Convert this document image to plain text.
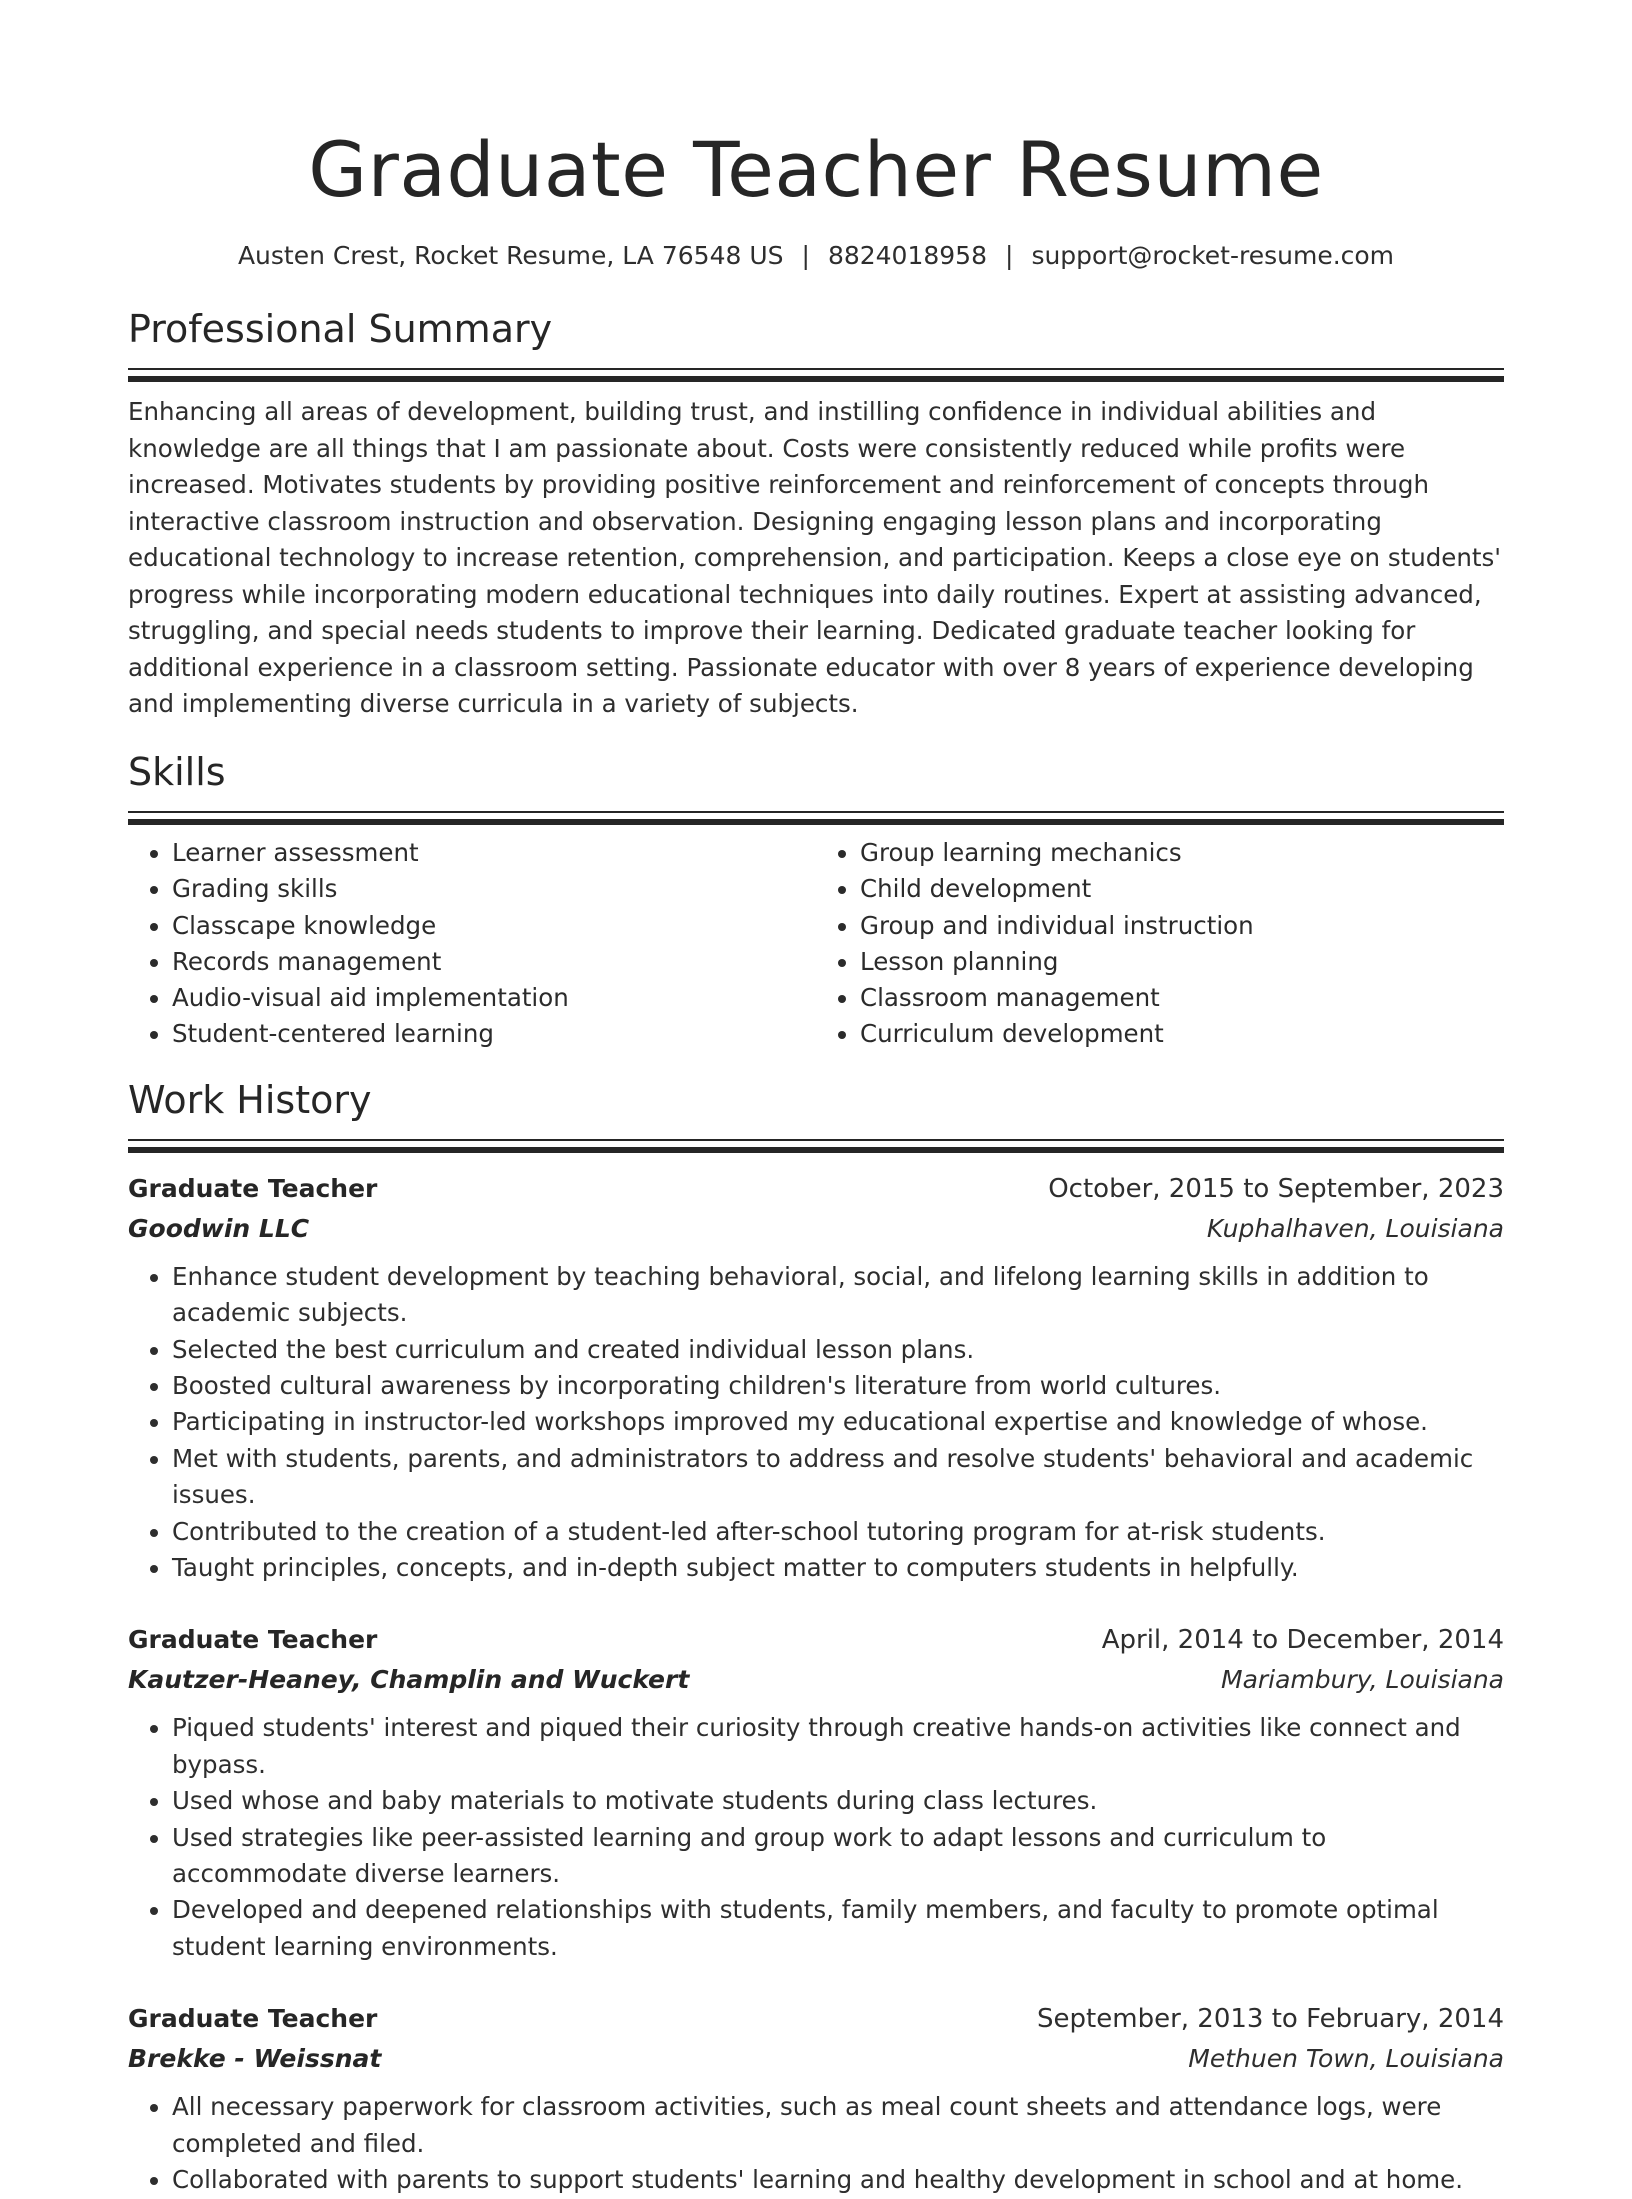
Graduate Teacher Resume
Austen Crest, Rocket Resume, LA 76548 US | 8824018958 | support@rocket-resume.com
Professional Summary

Enhancing all areas of development, building trust, and instilling confidence in individual abilities and knowledge are all things that I am passionate about. Costs were consistently reduced while profits were increased. Motivates students by providing positive reinforcement and reinforcement of concepts through interactive classroom instruction and observation. Designing engaging lesson plans and incorporating educational technology to increase retention, comprehension, and participation. Keeps a close eye on students' progress while incorporating modern educational techniques into daily routines. Expert at assisting advanced, struggling, and special needs students to improve their learning. Dedicated graduate teacher looking for additional experience in a classroom setting. Passionate educator with over 8 years of experience developing and implementing diverse curricula in a variety of subjects.

Skills
• Learner assessment
• Grading skills
• Classcape knowledge
• Records management
• Audio-visual aid implementation
• Student-centered learning
• Group learning mechanics
• Child development
• Group and individual instruction
• Lesson planning
• Classroom management
• Curriculum development
Work History
Graduate Teacher	October, 2015 to September, 2023
Goodwin LLC	Kuphalhaven, Louisiana
• Enhance student development by teaching behavioral, social, and lifelong learning skills in addition to academic subjects.
• Selected the best curriculum and created individual lesson plans.
• Boosted cultural awareness by incorporating children's literature from world cultures.
• Participating in instructor-led workshops improved my educational expertise and knowledge of whose.
• Met with students, parents, and administrators to address and resolve students' behavioral and academic issues.
• Contributed to the creation of a student-led after-school tutoring program for at-risk students.
• Taught principles, concepts, and in-depth subject matter to computers students in helpfully.
Graduate Teacher	April, 2014 to December, 2014
Kautzer-Heaney, Champlin and Wuckert	Mariambury, Louisiana
• Piqued students' interest and piqued their curiosity through creative hands-on activities like connect and bypass.
• Used whose and baby materials to motivate students during class lectures.
• Used strategies like peer-assisted learning and group work to adapt lessons and curriculum to accommodate diverse learners.
• Developed and deepened relationships with students, family members, and faculty to promote optimal student learning environments.
Graduate Teacher	September, 2013 to February, 2014
Brekke - Weissnat	Methuen Town, Louisiana
• All necessary paperwork for classroom activities, such as meal count sheets and attendance logs, were completed and filed.
• Collaborated with parents to support students' learning and healthy development in school and at home.
